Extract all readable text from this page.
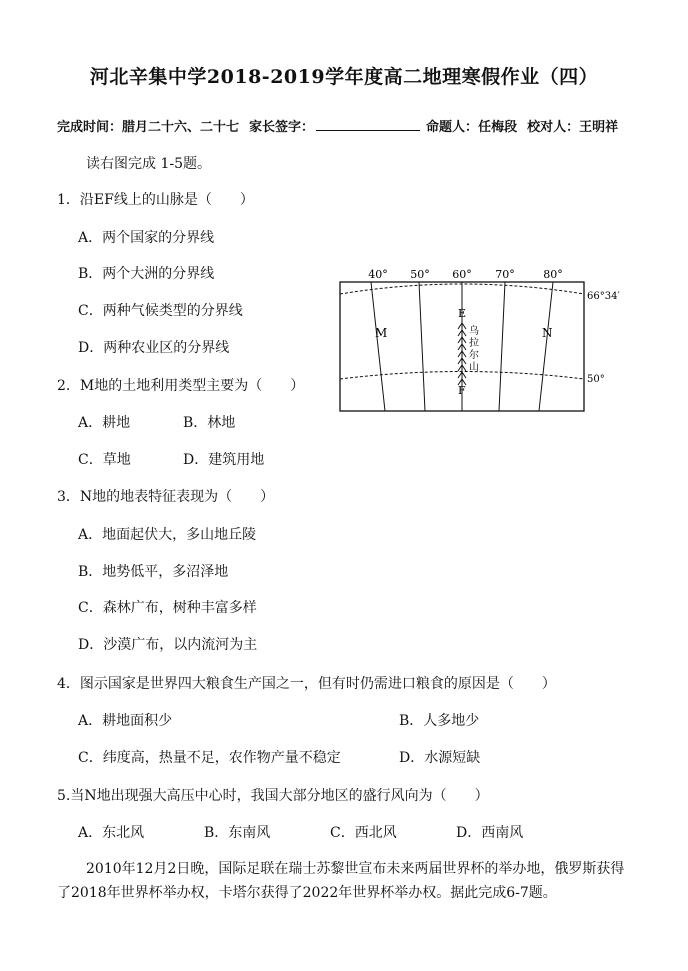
河北辛集中学2018-2019学年度高二地理寒假作业（四）
完成时间：腊月二十六、二十七 家长签字：	命题人：任梅段 校对人：王明祥
读右图完成 1-5题。
1．沿EF线上的山脉是（　　）
A．两个国家的分界线
B．两个大洲的分界线
C．两种气候类型的分界线
D．两种农业区的分界线
2．M地的土地利用类型主要为（　　）
A．耕地	B．林地
C．草地	D．建筑用地
3．N地的地表特征表现为（　　）
A．地面起伏大，多山地丘陵
B．地势低平，多沼泽地
C．森林广布，树种丰富多样
D．沙漠广布，以内流河为主
4．图示国家是世界四大粮食生产国之一，但有时仍需进口粮食的原因是（　　）
A．耕地面积少	B．人多地少
C．纬度高，热量不足，农作物产量不稳定	D．水源短缺
5.当N地出现强大高压中心时，我国大部分地区的盛行风向为（　　）
A．东北风	B．东南风	C．西北风	D．西南风
2010年12月2日晚，国际足联在瑞士苏黎世宣布未来两届世界杯的举办地，俄罗斯获得
了2018年世界杯举办权，卡塔尔获得了2022年世界杯举办权。据此完成6-7题。
40° 50° 60° 70°	80°
66°34′
50°
M	N
E
乌
拉
尔
山
F
